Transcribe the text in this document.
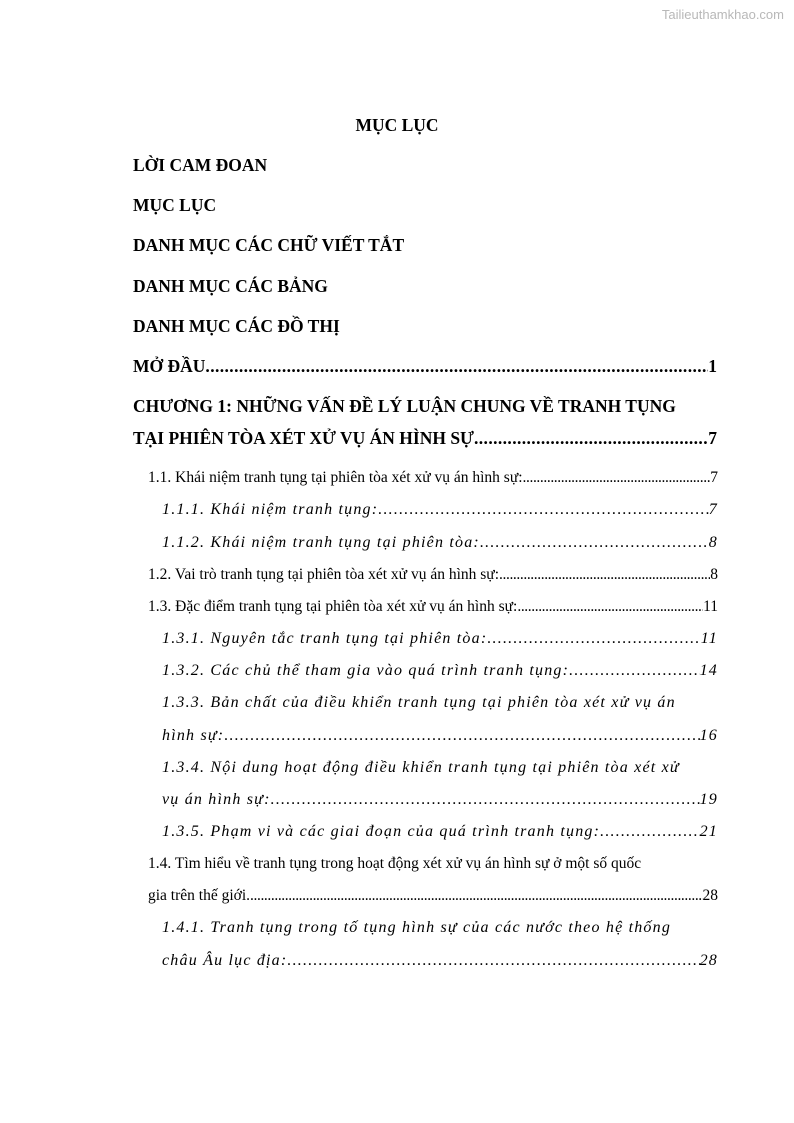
Tailieuthamkhao.com
MỤC LỤC
LỜI CAM ĐOAN
MỤC LỤC
DANH MỤC CÁC CHỮ VIẾT TẮT
DANH MỤC CÁC BẢNG
DANH MỤC CÁC ĐỒ THỊ
MỞ ĐẦU .....	1
CHƯƠNG 1: NHỮNG VẤN ĐỀ LÝ LUẬN CHUNG VỀ TRANH TỤNG
TẠI PHIÊN TÒA XÉT XỬ VỤ ÁN HÌNH SỰ .....	7
1.1. Khái niệm tranh tụng tại phiên tòa xét xử vụ án hình sự: .....	7
1.1.1. Khái niệm tranh tụng: .....	7
1.1.2. Khái niệm tranh tụng tại phiên tòa: .....	8
1.2. Vai trò tranh tụng tại phiên tòa xét xử vụ án hình sự: .....	8
1.3. Đặc điểm tranh tụng tại phiên tòa xét xử vụ án hình sự: .....	11
1.3.1. Nguyên tắc tranh tụng tại phiên tòa: .....	11
1.3.2. Các chủ thể tham gia vào quá trình tranh tụng: .....	14
1.3.3. Bản chất của điều khiển tranh tụng tại phiên tòa xét xử vụ án
hình sự: .....	16
1.3.4. Nội dung hoạt động điều khiển tranh tụng tại phiên tòa xét xử
vụ án hình sự: .....	19
1.3.5. Phạm vi và các giai đoạn của quá trình tranh tụng: .....	21
1.4. Tìm hiểu về tranh tụng trong hoạt động xét xử vụ án hình sự ở một số quốc
gia trên thế giới. .....	28
1.4.1. Tranh tụng trong tố tụng hình sự của các nước theo hệ thống
châu Âu lục địa: .....	28
